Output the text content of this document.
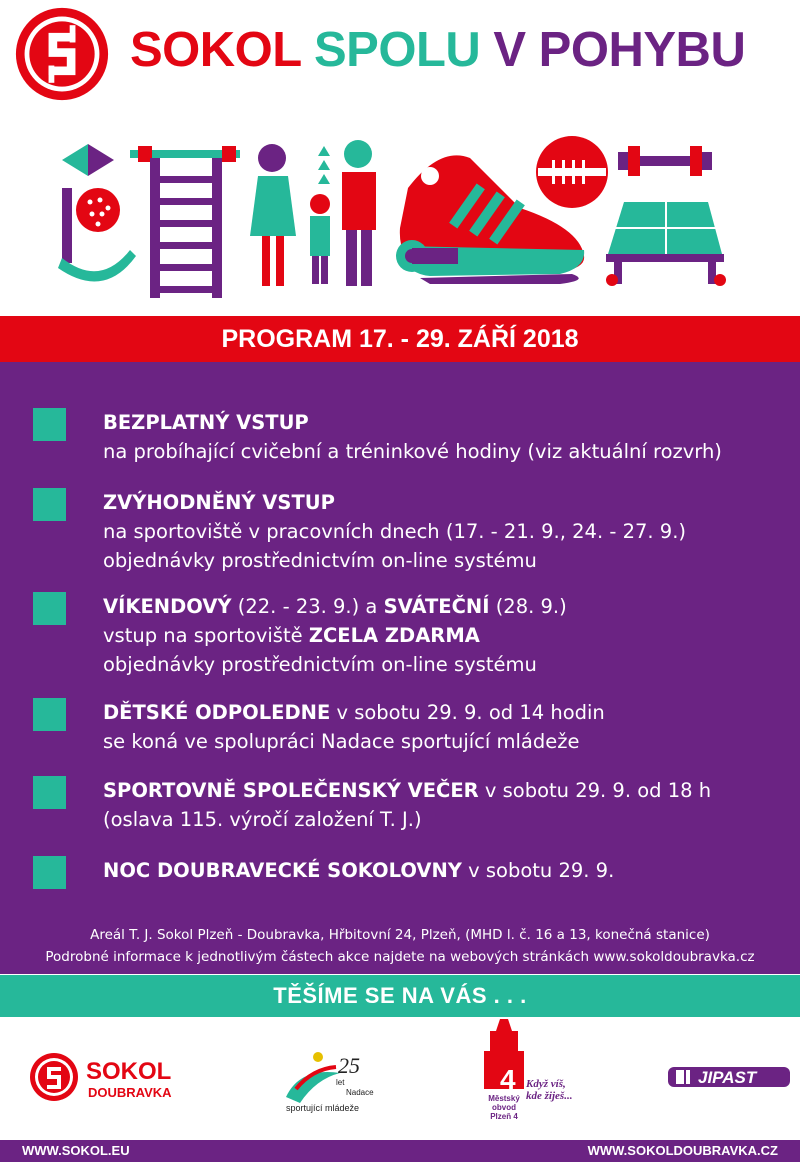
SOKOL SPOLU V POHYBU
PROGRAM 17. - 29. ZÁŘÍ 2018
BEZPLATNÝ VSTUP
na probíhající cvičební a tréninkové hodiny (viz aktuální rozvrh)
ZVÝHODNĚNÝ VSTUP
na sportoviště v pracovních dnech (17. - 21. 9., 24. - 27. 9.)
objednávky prostřednictvím on-line systému
VÍKENDOVÝ (22. - 23. 9.) a SVÁTEČNÍ (28. 9.)
vstup na sportoviště ZCELA ZDARMA
objednávky prostřednictvím on-line systému
DĚTSKÉ ODPOLEDNE v sobotu 29. 9. od 14 hodin
se koná ve spolupráci Nadace sportující mládeže
SPORTOVNĚ SPOLEČENSKÝ VEČER v sobotu 29. 9. od 18 h
(oslava 115. výročí založení T. J.)
NOC DOUBRAVECKÉ SOKOLOVNY v sobotu 29. 9.
Areál T. J. Sokol Plzeň - Doubravka, Hřbitovní 24, Plzeň, (MHD l. č. 16 a 13, konečná stanice)
Podrobné informace k jednotlivým částech akce najdete na webových stránkách www.sokoldoubravka.cz
TĚŠÍME SE NA VÁS . . .
SOKOL
DOUBRAVKA
25
let
Nadace
sportující mládeže
4 Když víš,
kde žiješ...
Městský
obvod
Plzeň 4
JIPAST
WWW.SOKOL.EU	WWW.SOKOLDOUBRAVKA.CZ
